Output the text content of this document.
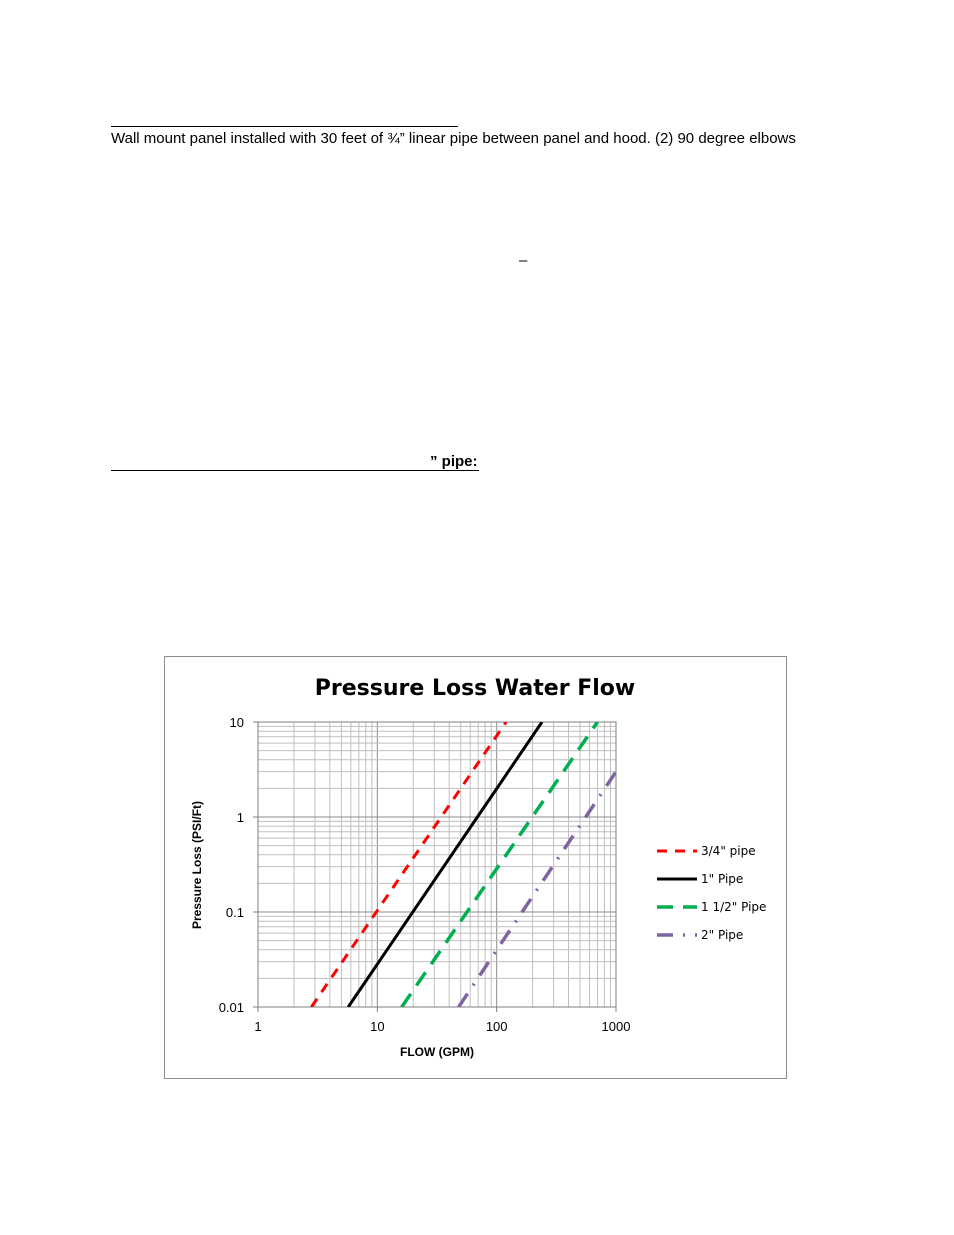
Wall mount panel installed with 30 feet of ¾” linear pipe between panel and hood. (2) 90 degree elbows
–
” pipe:
Pressure Loss Water Flow
10
1
0.1
0.01
1	10	100	1000
FLOW (GPM)
Pressure Loss (PSI/Ft)	3/4" pipe
1" Pipe
1 1/2" Pipe
2" Pipe
